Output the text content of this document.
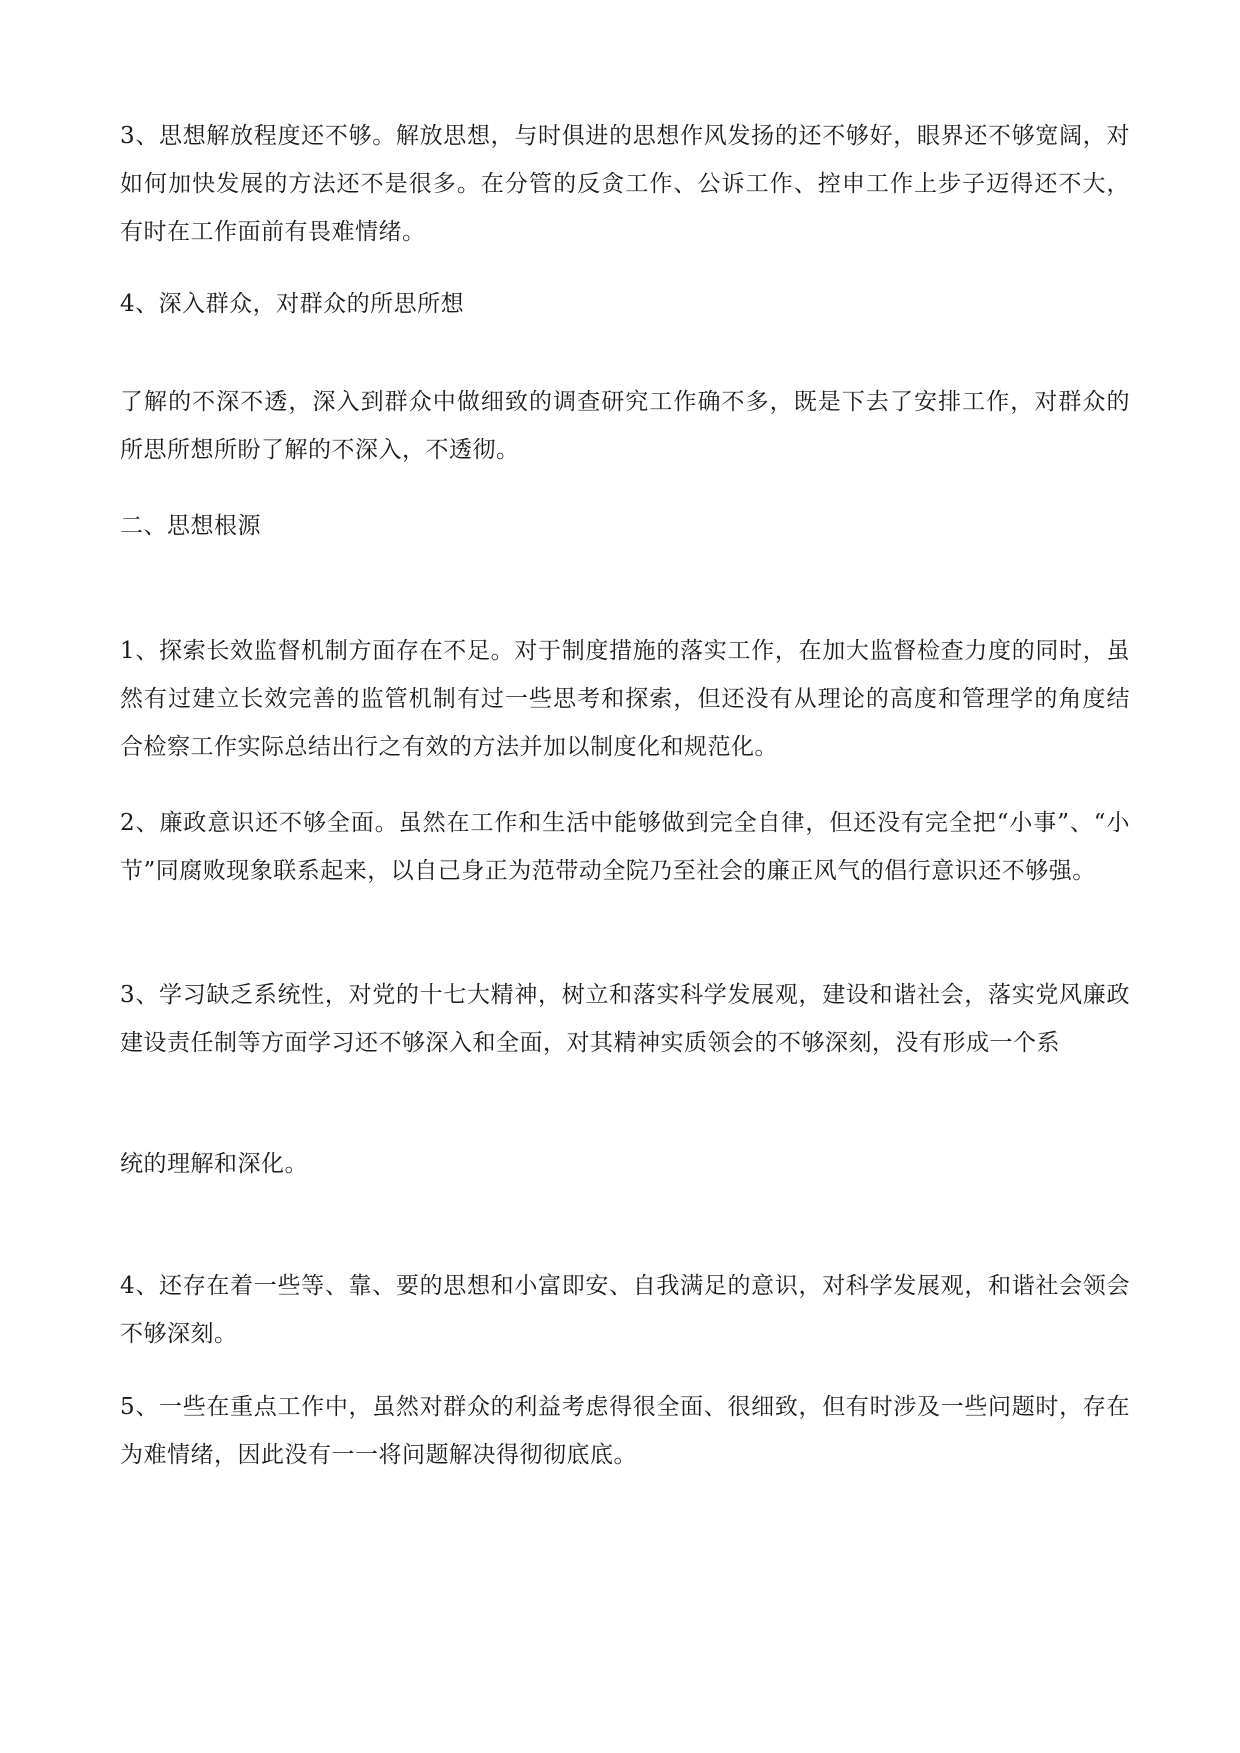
3、思想解放程度还不够。解放思想，与时俱进的思想作风发扬的还不够好，眼界还不够宽阔，对如何加快发展的方法还不是很多。在分管的反贪工作、公诉工作、控申工作上步子迈得还不大，有时在工作面前有畏难情绪。

4、深入群众，对群众的所思所想

了解的不深不透，深入到群众中做细致的调查研究工作确不多，既是下去了安排工作，对群众的所思所想所盼了解的不深入，不透彻。

二、思想根源

1、探索长效监督机制方面存在不足。对于制度措施的落实工作，在加大监督检查力度的同时，虽然有过建立长效完善的监管机制有过一些思考和探索，但还没有从理论的高度和管理学的角度结合检察工作实际总结出行之有效的方法并加以制度化和规范化。

2、廉政意识还不够全面。虽然在工作和生活中能够做到完全自律，但还没有完全把“小事”、“小节”同腐败现象联系起来，以自己身正为范带动全院乃至社会的廉正风气的倡行意识还不够强。

3、学习缺乏系统性，对党的十七大精神，树立和落实科学发展观，建设和谐社会，落实党风廉政建设责任制等方面学习还不够深入和全面，对其精神实质领会的不够深刻，没有形成一个系

统的理解和深化。

4、还存在着一些等、靠、要的思想和小富即安、自我满足的意识，对科学发展观，和谐社会领会不够深刻。

5、一些在重点工作中，虽然对群众的利益考虑得很全面、很细致，但有时涉及一些问题时，存在为难情绪，因此没有一一将问题解决得彻彻底底。
